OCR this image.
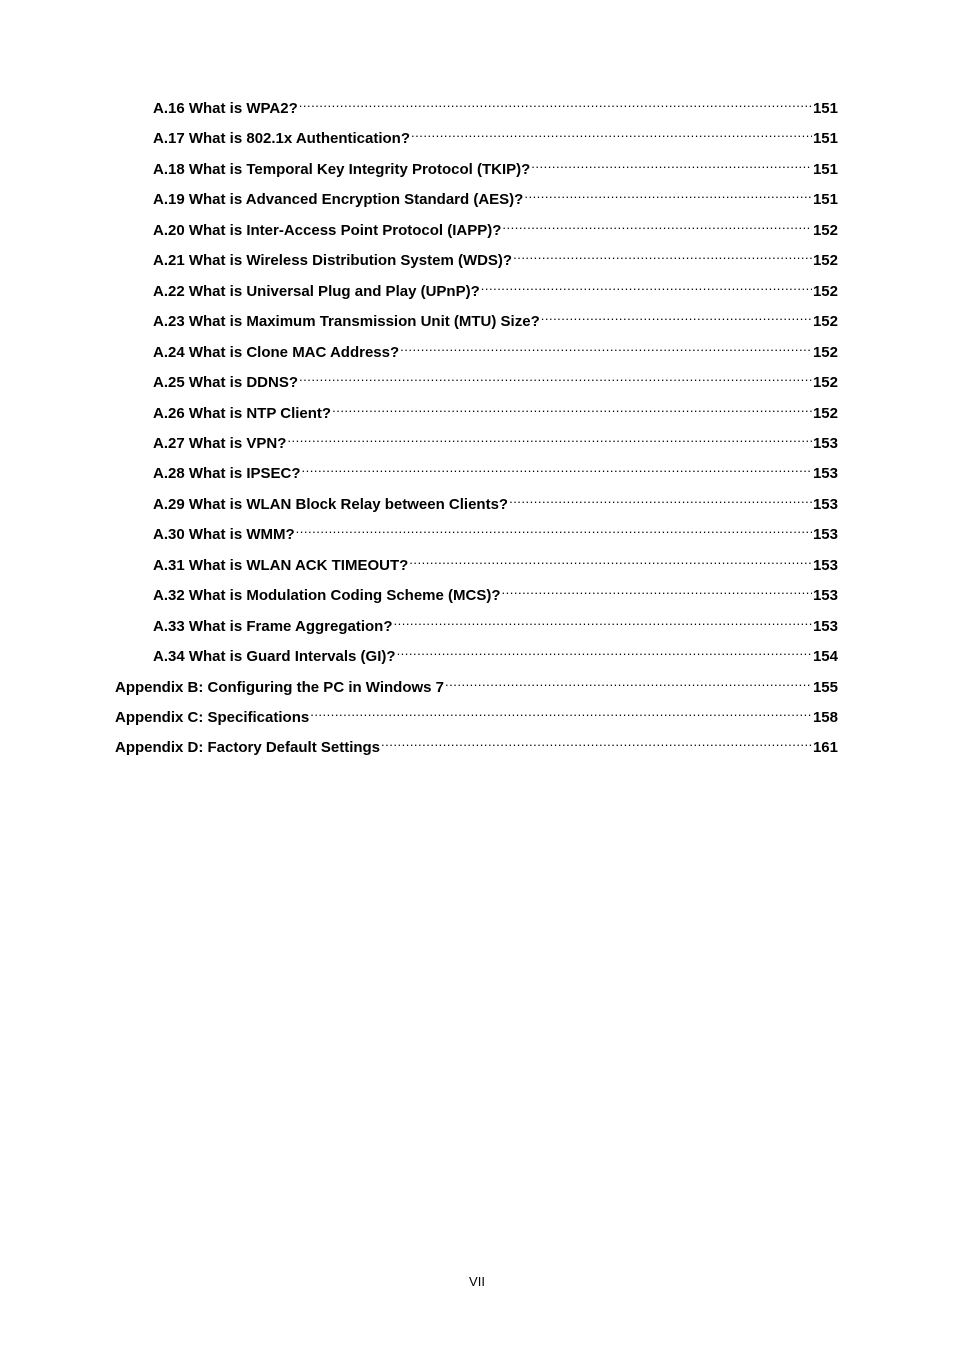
A.16 What is WPA2? .....	151
A.17 What is 802.1x Authentication? .....	151
A.18 What is Temporal Key Integrity Protocol (TKIP)? .....	151
A.19 What is Advanced Encryption Standard (AES)? .....	151
A.20 What is Inter-Access Point Protocol (IAPP)? .....	152
A.21 What is Wireless Distribution System (WDS)? .....	152
A.22 What is Universal Plug and Play (UPnP)? .....	152
A.23 What is Maximum Transmission Unit (MTU) Size? .....	152
A.24 What is Clone MAC Address? .....	152
A.25 What is DDNS? .....	152
A.26 What is NTP Client? .....	152
A.27 What is VPN? .....	153
A.28 What is IPSEC? .....	153
A.29 What is WLAN Block Relay between Clients? .....	153
A.30 What is WMM? .....	153
A.31 What is WLAN ACK TIMEOUT? .....	153
A.32 What is Modulation Coding Scheme (MCS)? .....	153
A.33 What is Frame Aggregation? .....	153
A.34 What is Guard Intervals (GI)? .....	154
Appendix B: Configuring the PC in Windows 7 .....	155
Appendix C: Specifications .....	158
Appendix D: Factory Default Settings .....	161
VII
